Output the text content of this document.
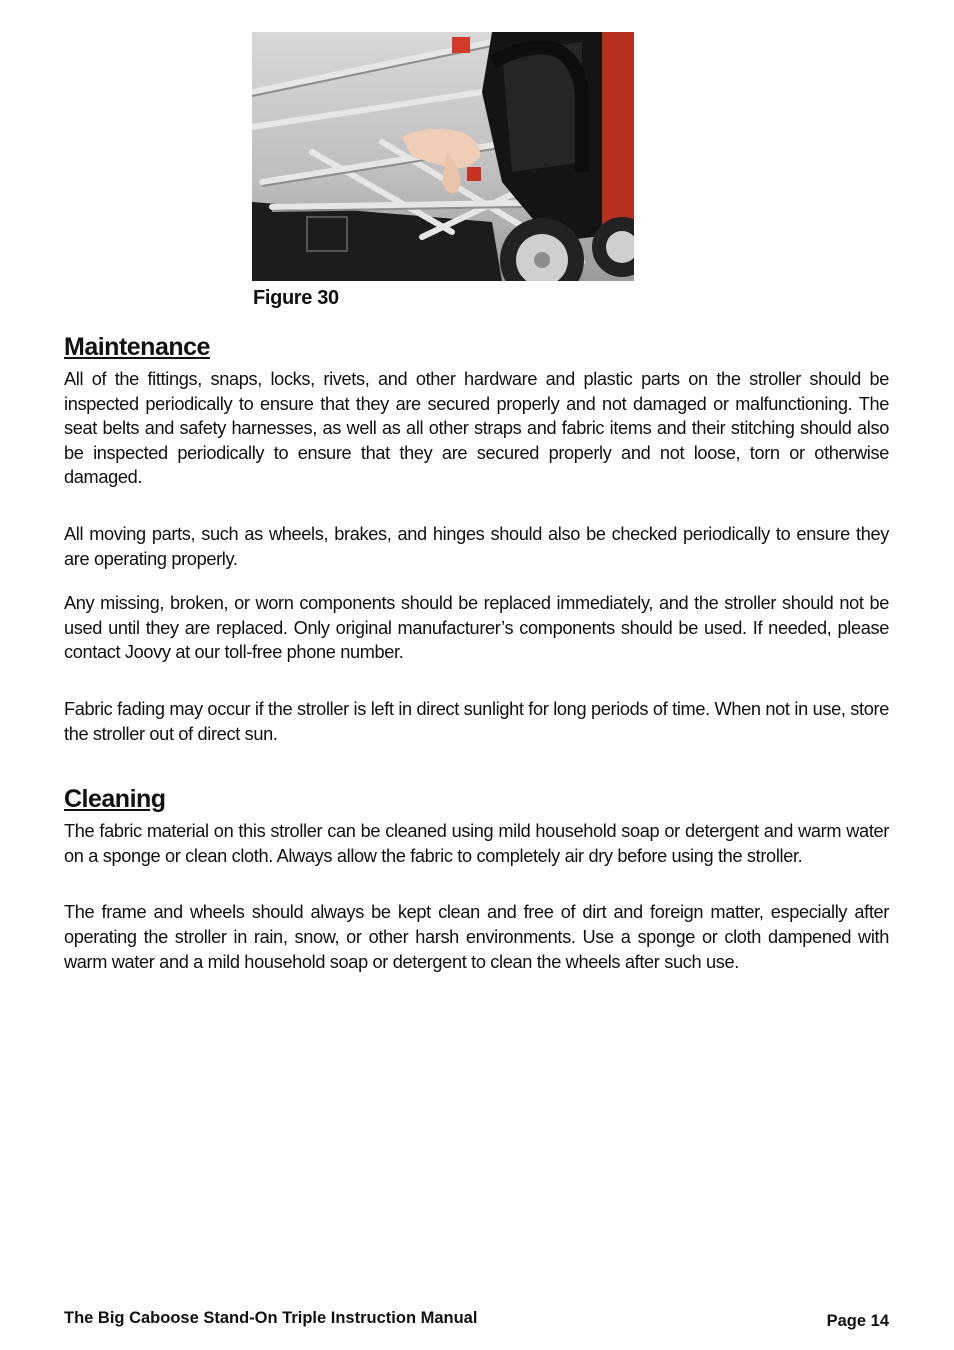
Figure 30

Maintenance

All of the fittings, snaps, locks, rivets, and other hardware and plastic parts on the stroller should be inspected periodically to ensure that they are secured properly and not damaged or malfunctioning. The seat belts and safety harnesses, as well as all other straps and fabric items and their stitching should also be inspected periodically to ensure that they are secured properly and not loose, torn or otherwise damaged.

All moving parts, such as wheels, brakes, and hinges should also be checked periodically to ensure they are operating properly.

Any missing, broken, or worn components should be replaced immediately, and the stroller should not be used until they are replaced. Only original manufacturer’s components should be used. If needed, please contact Joovy at our toll-free phone number.

Fabric fading may occur if the stroller is left in direct sunlight for long periods of time. When not in use, store the stroller out of direct sun.

Cleaning

The fabric material on this stroller can be cleaned using mild household soap or detergent and warm water on a sponge or clean cloth. Always allow the fabric to completely air dry before using the stroller.

The frame and wheels should always be kept clean and free of dirt and foreign matter, especially after operating the stroller in rain, snow, or other harsh environments. Use a sponge or cloth dampened with warm water and a mild household soap or detergent to clean the wheels after such use.

The Big Caboose Stand-On Triple Instruction Manual	Page 14
